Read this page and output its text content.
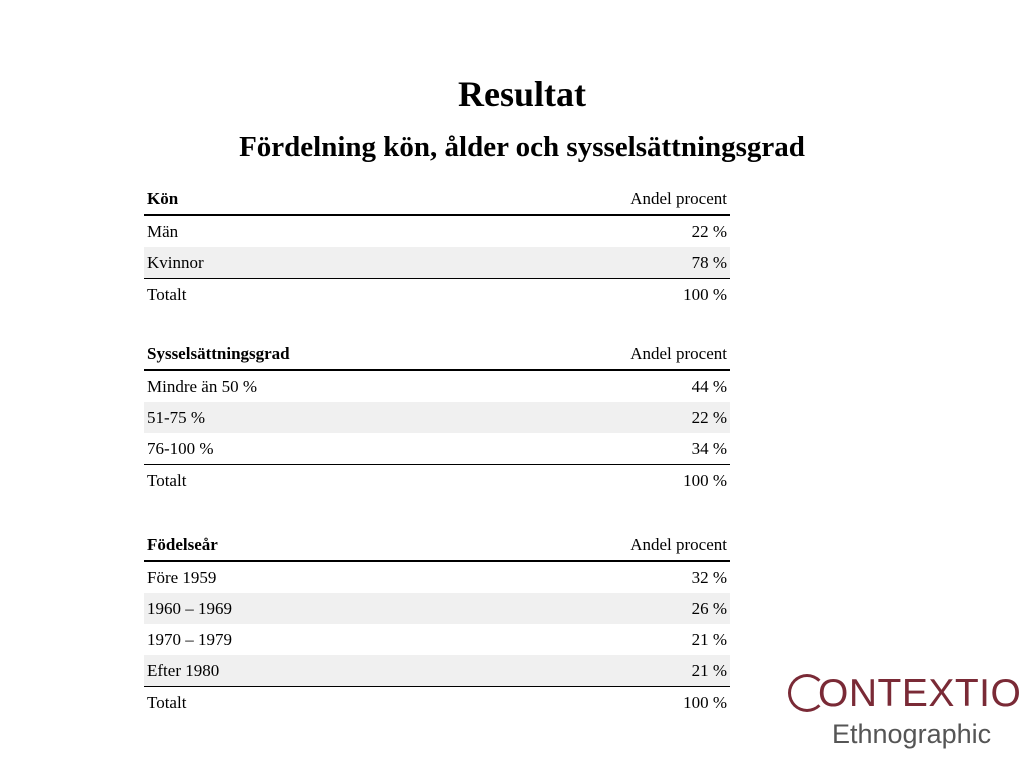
Resultat
Fördelning kön, ålder och sysselsättningsgrad
Kön	Andel procent
Män	22 %
Kvinnor	78 %
Totalt	100 %
Sysselsättningsgrad	Andel procent
Mindre än 50 %	44 %
51-75 %	22 %
76-100 %	34 %
Totalt	100 %
Födelseår	Andel procent
Före 1959	32 %
1960 – 1969	26 %
1970 – 1979	21 %
Efter 1980	21 %
Totalt	100 %	ONTEXTIO
Ethnographic
